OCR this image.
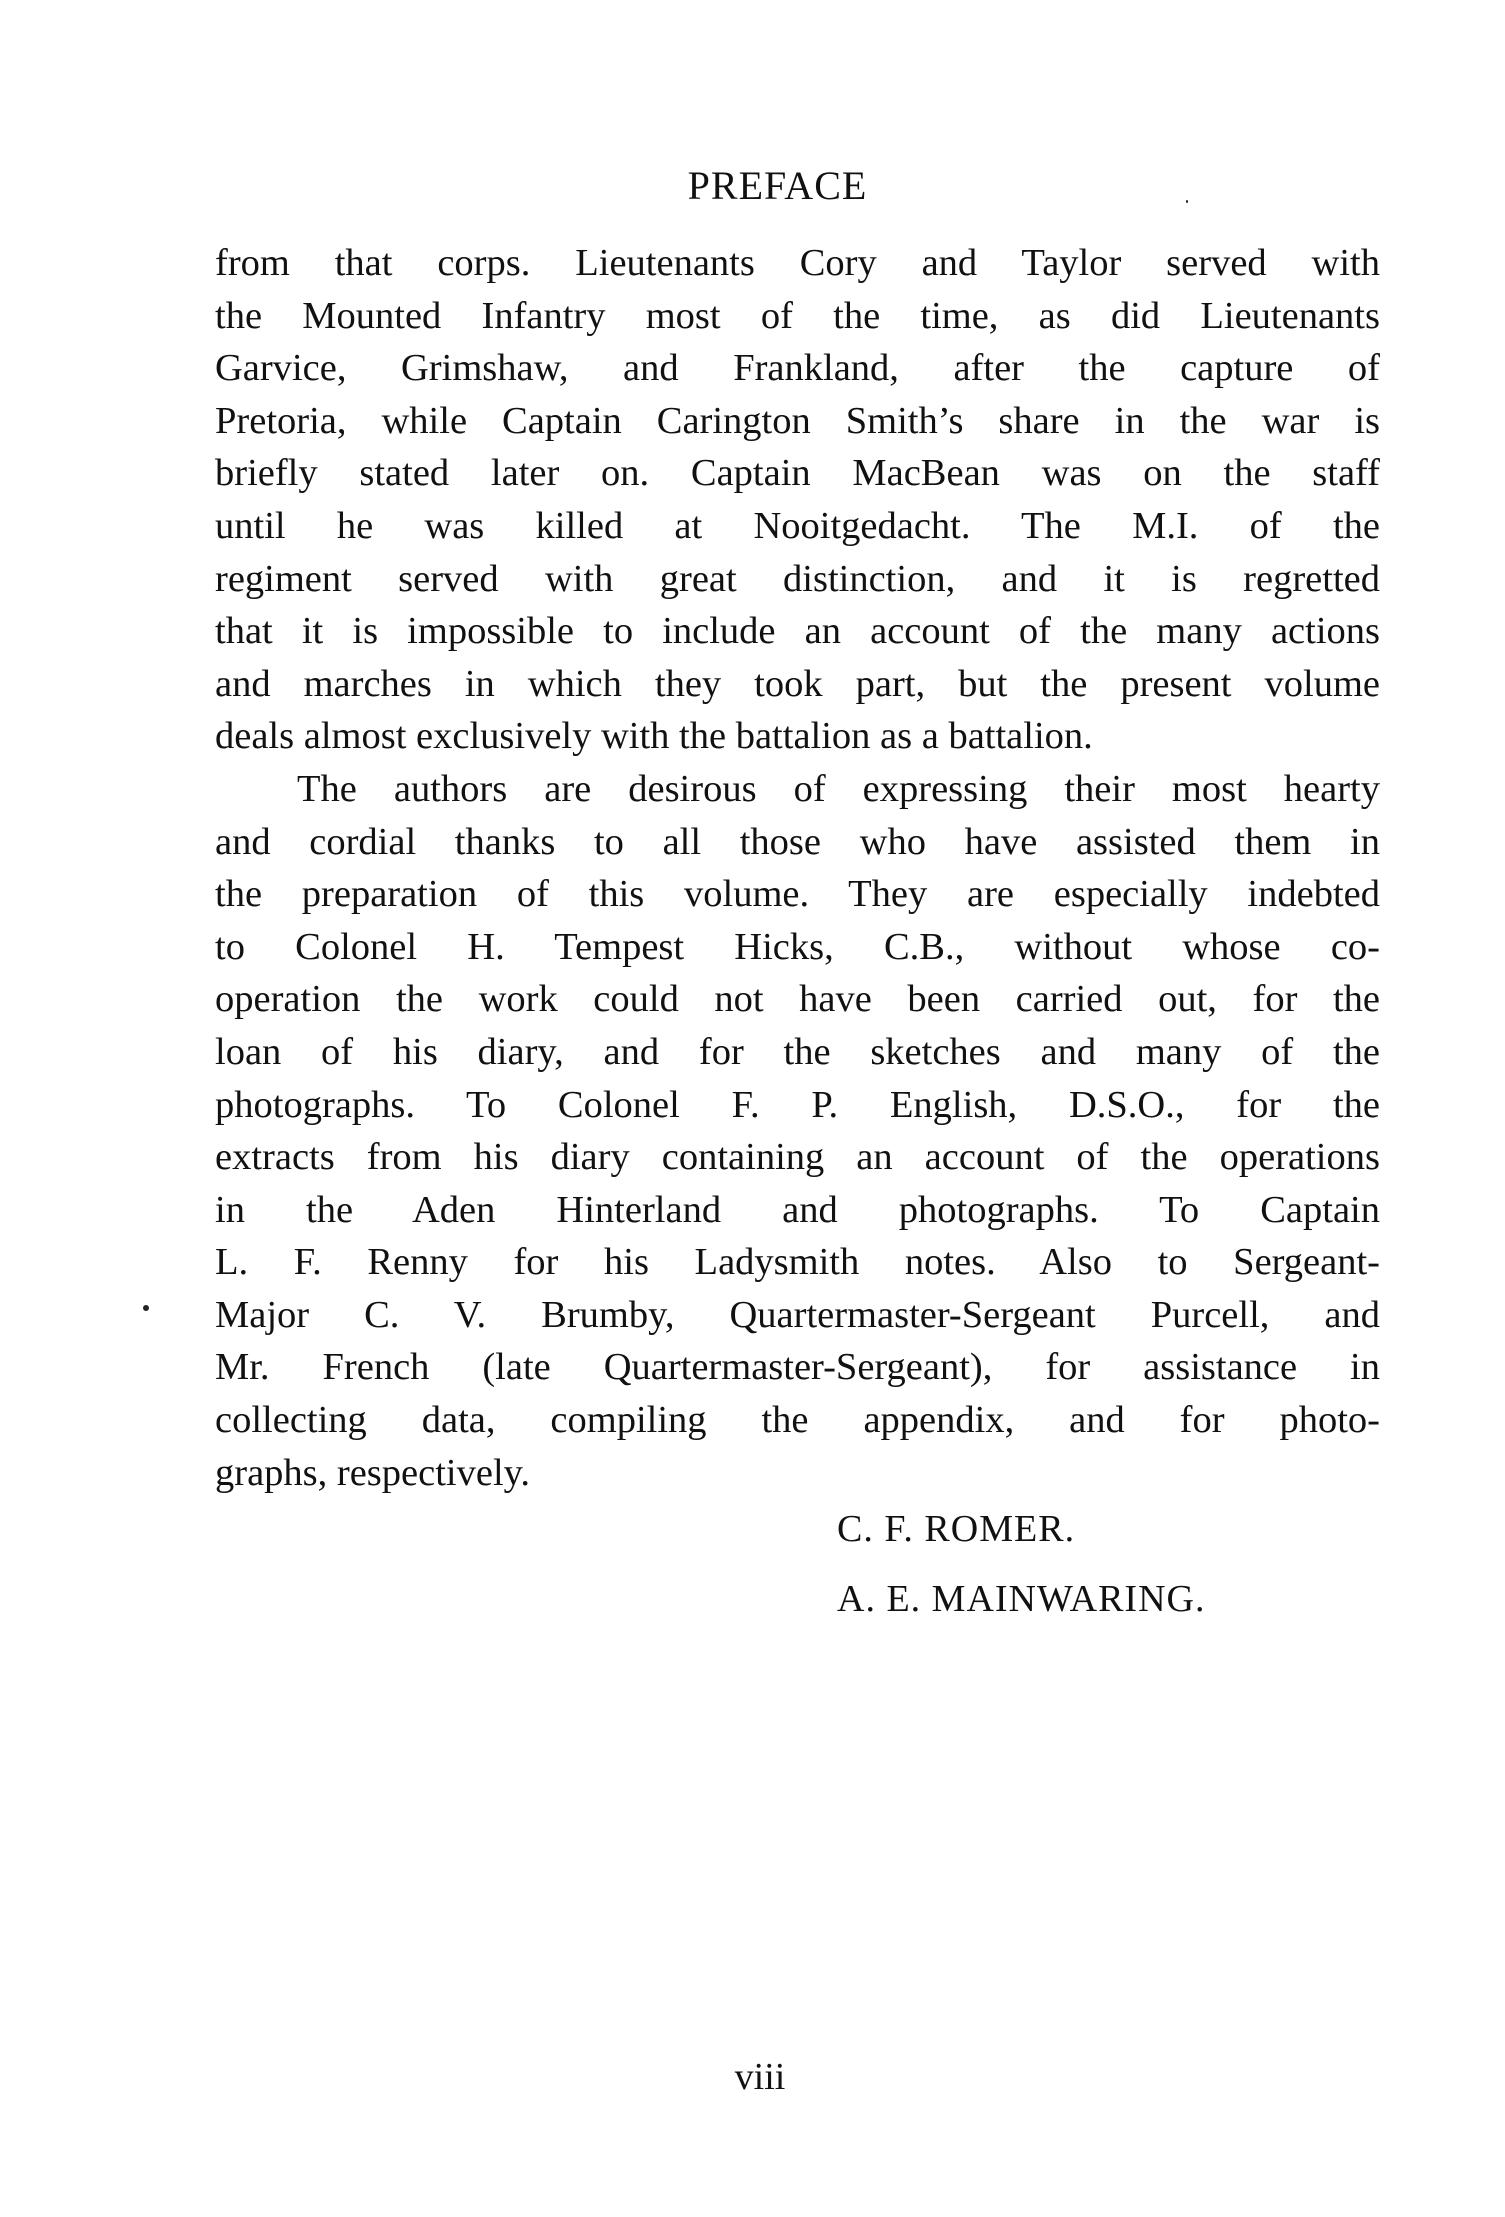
PREFACE
from that corps. Lieutenants Cory and Taylor served with
the Mounted Infantry most of the time, as did Lieutenants
Garvice, Grimshaw, and Frankland, after the capture of
Pretoria, while Captain Carington Smith’s share in the war is
briefly stated later on. Captain MacBean was on the staff
until he was killed at Nooitgedacht. The M.I. of the
regiment served with great distinction, and it is regretted
that it is impossible to include an account of the many actions
and marches in which they took part, but the present volume
deals almost exclusively with the battalion as a battalion.
The authors are desirous of expressing their most hearty
and cordial thanks to all those who have assisted them in
the preparation of this volume. They are especially indebted
to Colonel H. Tempest Hicks, C.B., without whose co-
operation the work could not have been carried out, for the
loan of his diary, and for the sketches and many of the
photographs. To Colonel F. P. English, D.S.O., for the
extracts from his diary containing an account of the operations
in the Aden Hinterland and photographs. To Captain
L. F. Renny for his Ladysmith notes. Also to Sergeant-
Major C. V. Brumby, Quartermaster-Sergeant Purcell, and
Mr. French (late Quartermaster-Sergeant), for assistance in
collecting data, compiling the appendix, and for photo-
graphs, respectively.
C. F. ROMER.
A. E. MAINWARING.
viii
